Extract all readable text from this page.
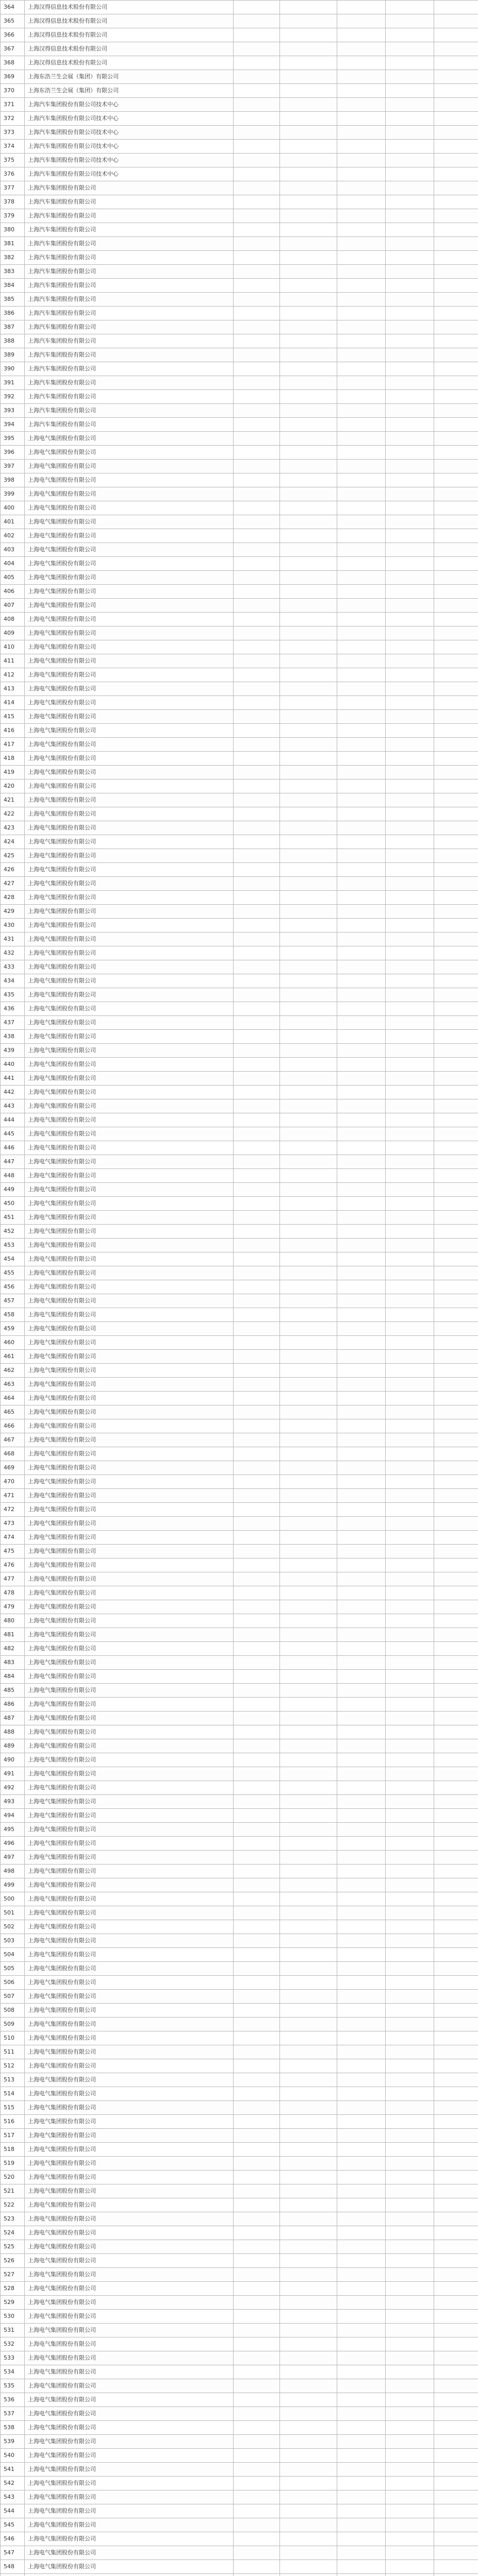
364	上海汉得信息技术股份有限公司					
365	上海汉得信息技术股份有限公司					
366	上海汉得信息技术股份有限公司					
367	上海汉得信息技术股份有限公司					
368	上海汉得信息技术股份有限公司					
369	上海东浩兰生会展（集团）有限公司					
370	上海东浩兰生会展（集团）有限公司					
371	上海汽车集团股份有限公司技术中心					
372	上海汽车集团股份有限公司技术中心					
373	上海汽车集团股份有限公司技术中心					
374	上海汽车集团股份有限公司技术中心					
375	上海汽车集团股份有限公司技术中心					
376	上海汽车集团股份有限公司技术中心					
377	上海汽车集团股份有限公司					
378	上海汽车集团股份有限公司					
379	上海汽车集团股份有限公司					
380	上海汽车集团股份有限公司					
381	上海汽车集团股份有限公司					
382	上海汽车集团股份有限公司					
383	上海汽车集团股份有限公司					
384	上海汽车集团股份有限公司					
385	上海汽车集团股份有限公司					
386	上海汽车集团股份有限公司					
387	上海汽车集团股份有限公司					
388	上海汽车集团股份有限公司					
389	上海汽车集团股份有限公司					
390	上海汽车集团股份有限公司					
391	上海汽车集团股份有限公司					
392	上海汽车集团股份有限公司					
393	上海汽车集团股份有限公司					
394	上海汽车集团股份有限公司					
395	上海电气集团股份有限公司					
396	上海电气集团股份有限公司					
397	上海电气集团股份有限公司					
398	上海电气集团股份有限公司					
399	上海电气集团股份有限公司					
400	上海电气集团股份有限公司					
401	上海电气集团股份有限公司					
402	上海电气集团股份有限公司					
403	上海电气集团股份有限公司					
404	上海电气集团股份有限公司					
405	上海电气集团股份有限公司					
406	上海电气集团股份有限公司					
407	上海电气集团股份有限公司					
408	上海电气集团股份有限公司					
409	上海电气集团股份有限公司					
410	上海电气集团股份有限公司					
411	上海电气集团股份有限公司					
412	上海电气集团股份有限公司					
413	上海电气集团股份有限公司					
414	上海电气集团股份有限公司					
415	上海电气集团股份有限公司					
416	上海电气集团股份有限公司					
417	上海电气集团股份有限公司					
418	上海电气集团股份有限公司					
419	上海电气集团股份有限公司					
420	上海电气集团股份有限公司					
421	上海电气集团股份有限公司					
422	上海电气集团股份有限公司					
423	上海电气集团股份有限公司					
424	上海电气集团股份有限公司					
425	上海电气集团股份有限公司					
426	上海电气集团股份有限公司					
427	上海电气集团股份有限公司					
428	上海电气集团股份有限公司					
429	上海电气集团股份有限公司					
430	上海电气集团股份有限公司					
431	上海电气集团股份有限公司					
432	上海电气集团股份有限公司					
433	上海电气集团股份有限公司					
434	上海电气集团股份有限公司					
435	上海电气集团股份有限公司					
436	上海电气集团股份有限公司					
437	上海电气集团股份有限公司					
438	上海电气集团股份有限公司					
439	上海电气集团股份有限公司					
440	上海电气集团股份有限公司					
441	上海电气集团股份有限公司					
442	上海电气集团股份有限公司					
443	上海电气集团股份有限公司					
444	上海电气集团股份有限公司					
445	上海电气集团股份有限公司					
446	上海电气集团股份有限公司					
447	上海电气集团股份有限公司					
448	上海电气集团股份有限公司					
449	上海电气集团股份有限公司					
450	上海电气集团股份有限公司					
451	上海电气集团股份有限公司					
452	上海电气集团股份有限公司					
453	上海电气集团股份有限公司					
454	上海电气集团股份有限公司					
455	上海电气集团股份有限公司					
456	上海电气集团股份有限公司					
457	上海电气集团股份有限公司					
458	上海电气集团股份有限公司					
459	上海电气集团股份有限公司					
460	上海电气集团股份有限公司					
461	上海电气集团股份有限公司					
462	上海电气集团股份有限公司					
463	上海电气集团股份有限公司					
464	上海电气集团股份有限公司					
465	上海电气集团股份有限公司					
466	上海电气集团股份有限公司					
467	上海电气集团股份有限公司					
468	上海电气集团股份有限公司					
469	上海电气集团股份有限公司					
470	上海电气集团股份有限公司					
471	上海电气集团股份有限公司					
472	上海电气集团股份有限公司					
473	上海电气集团股份有限公司					
474	上海电气集团股份有限公司					
475	上海电气集团股份有限公司					
476	上海电气集团股份有限公司					
477	上海电气集团股份有限公司					
478	上海电气集团股份有限公司					
479	上海电气集团股份有限公司					
480	上海电气集团股份有限公司					
481	上海电气集团股份有限公司					
482	上海电气集团股份有限公司					
483	上海电气集团股份有限公司					
484	上海电气集团股份有限公司					
485	上海电气集团股份有限公司					
486	上海电气集团股份有限公司					
487	上海电气集团股份有限公司					
488	上海电气集团股份有限公司					
489	上海电气集团股份有限公司					
490	上海电气集团股份有限公司					
491	上海电气集团股份有限公司					
492	上海电气集团股份有限公司					
493	上海电气集团股份有限公司					
494	上海电气集团股份有限公司					
495	上海电气集团股份有限公司					
496	上海电气集团股份有限公司					
497	上海电气集团股份有限公司					
498	上海电气集团股份有限公司					
499	上海电气集团股份有限公司					
500	上海电气集团股份有限公司					
501	上海电气集团股份有限公司					
502	上海电气集团股份有限公司					
503	上海电气集团股份有限公司					
504	上海电气集团股份有限公司					
505	上海电气集团股份有限公司					
506	上海电气集团股份有限公司					
507	上海电气集团股份有限公司					
508	上海电气集团股份有限公司					
509	上海电气集团股份有限公司					
510	上海电气集团股份有限公司					
511	上海电气集团股份有限公司					
512	上海电气集团股份有限公司					
513	上海电气集团股份有限公司					
514	上海电气集团股份有限公司					
515	上海电气集团股份有限公司					
516	上海电气集团股份有限公司					
517	上海电气集团股份有限公司					
518	上海电气集团股份有限公司					
519	上海电气集团股份有限公司					
520	上海电气集团股份有限公司					
521	上海电气集团股份有限公司					
522	上海电气集团股份有限公司					
523	上海电气集团股份有限公司					
524	上海电气集团股份有限公司					
525	上海电气集团股份有限公司					
526	上海电气集团股份有限公司					
527	上海电气集团股份有限公司					
528	上海电气集团股份有限公司					
529	上海电气集团股份有限公司					
530	上海电气集团股份有限公司					
531	上海电气集团股份有限公司					
532	上海电气集团股份有限公司					
533	上海电气集团股份有限公司					
534	上海电气集团股份有限公司					
535	上海电气集团股份有限公司					
536	上海电气集团股份有限公司					
537	上海电气集团股份有限公司					
538	上海电气集团股份有限公司					
539	上海电气集团股份有限公司					
540	上海电气集团股份有限公司					
541	上海电气集团股份有限公司					
542	上海电气集团股份有限公司					
543	上海电气集团股份有限公司					
544	上海电气集团股份有限公司					
545	上海电气集团股份有限公司					
546	上海电气集团股份有限公司					
547	上海电气集团股份有限公司					
548	上海电气集团股份有限公司					
